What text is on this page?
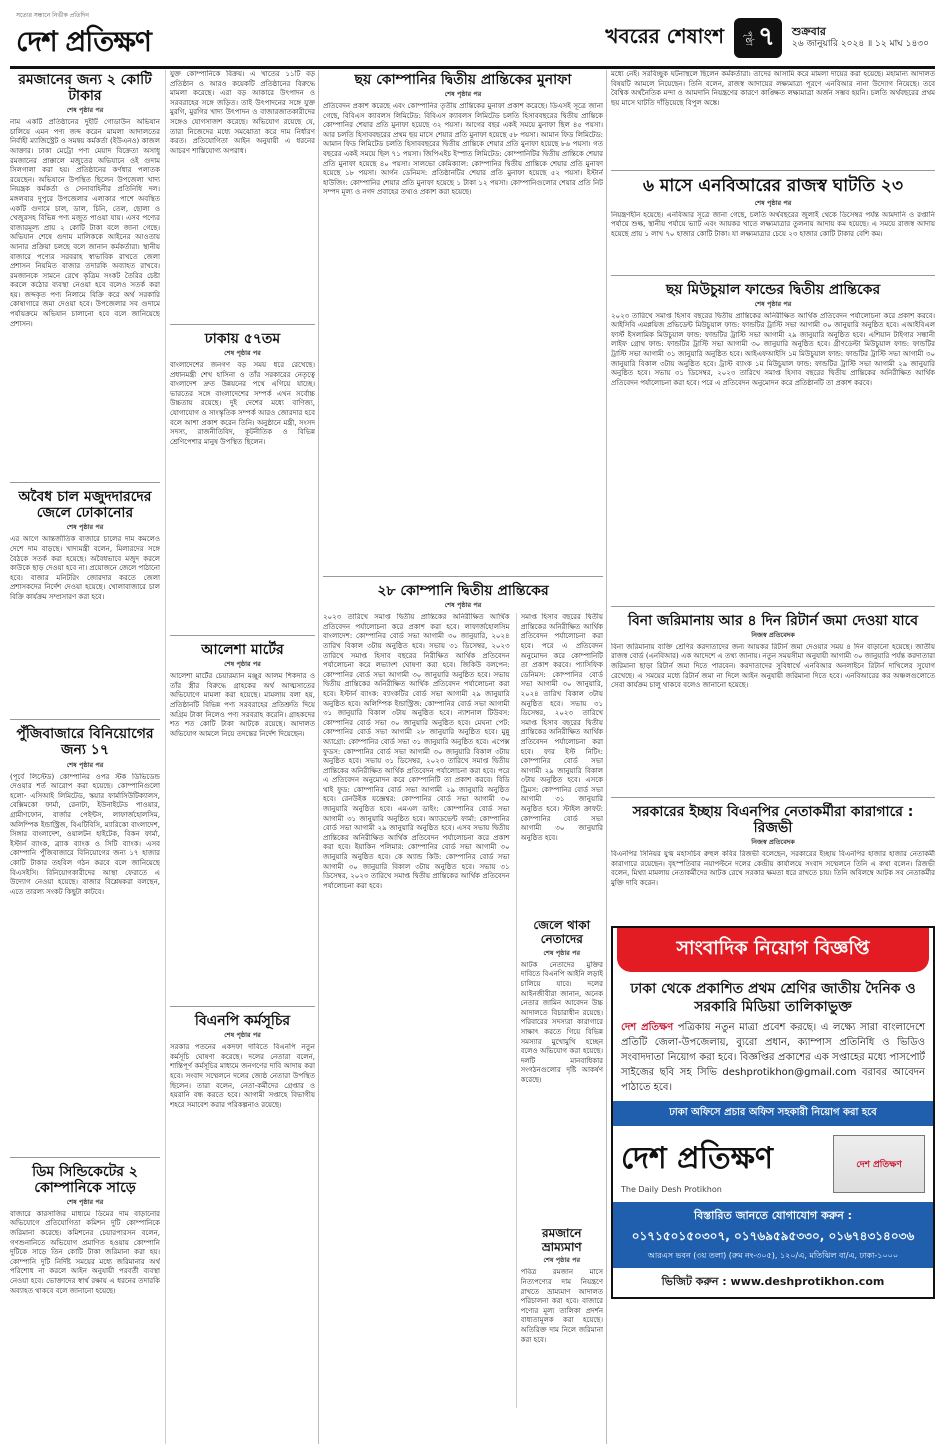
সত্যের সন্ধানে নির্ভীক প্রতিদিন
দেশ প্রতিক্ষণ	খবরের শেষাংশ পৃষ্ঠা ৭ শুক্রবার
২৬ জানুয়ারি ২০২৪ ॥ ১২ মাঘ ১৪৩০
রমজানের জন্য ২ কোটি টাকার
শেষ পৃষ্ঠার পর
নাম একটি প্রতিষ্ঠানের দুইটি গোডাউন অভিযান চালিয়ে এমন পণ্য জব্দ করেন মামলা আদালতের নির্বাহী ম্যাজিস্ট্রেট ও সমন্বয় কর্মকর্তা (ইউএনও) কাজল আক্তার। ঢাকা মেট্রো পণ্য মেয়াদ বিক্রেতা অসাধু রমজানের প্রাক্কালে মজুতের অভিযানে ওই গুদাম সিলগালা করা হয়। প্রতিষ্ঠানের কর্ণধার পলাতক রয়েছেন। অভিযানে উপস্থিত ছিলেন উপজেলা খাদ্য নিয়ন্ত্রক কর্মকর্তা ও সেনাবাহিনীর প্রতিনিধি দল। মঙ্গলবার দুপুরে উপজেলার এলাকার পাশে অবস্থিত একটি গুদামে চাল, ডাল, চিনি, তেল, ছোলা ও খেজুরসহ বিভিন্ন পণ্য মজুত পাওয়া যায়। এসব পণ্যের বাজারমূল্য প্রায় ২ কোটি টাকা বলে জানা গেছে। অভিযান শেষে গুদাম মালিককে আইনের আওতায় আনার প্রক্রিয়া চলছে বলে জানান কর্মকর্তারা। স্থানীয় বাজারে পণ্যের সরবরাহ স্বাভাবিক রাখতে জেলা প্রশাসন নিয়মিত বাজার তদারকি অব্যাহত রাখবে। রমজানকে সামনে রেখে কৃত্রিম সংকট তৈরির চেষ্টা করলে কঠোর ব্যবস্থা নেওয়া হবে বলেও সতর্ক করা হয়। জব্দকৃত পণ্য নিলামে বিক্রি করে অর্থ সরকারি কোষাগারে জমা দেওয়া হবে। উপজেলার সব গুদামে পর্যায়ক্রমে অভিযান চালানো হবে বলে জানিয়েছে প্রশাসন।
অবৈধ চাল মজুদদারদের জেলে ঢোকানোর
শেষ পৃষ্ঠার পর
এর আগে আন্তর্জাতিক বাজারে চালের দাম কমলেও দেশে দাম বাড়ছে। খাদ্যমন্ত্রী বলেন, মিলারদের সঙ্গে বৈঠকে সতর্ক করা হয়েছে। অবৈধভাবে মজুদ করলে কাউকে ছাড় দেওয়া হবে না। প্রয়োজনে জেলে পাঠানো হবে। বাজার মনিটরিং জোরদার করতে জেলা প্রশাসকদের নির্দেশ দেওয়া হয়েছে। খোলাবাজারে চাল বিক্রি কার্যক্রম সম্প্রসারণ করা হবে।
পুঁজিবাজারে বিনিয়োগের জন্য ১৭
শেষ পৃষ্ঠার পর
(পূর্বে লিস্টেড) কোম্পানির ওপর স্টক ডিভিডেন্ড দেওয়ার শর্ত আরোপ করা হয়েছে। কোম্পানিগুলো হলো- এসিআই লিমিটেড, স্কয়ার ফার্মাসিউটিক্যালস, বেক্সিমকো ফার্মা, রেনাটা, ইউনাইটেড পাওয়ার, গ্রামীণফোন, বার্জার পেইন্টস, লাফার্জহোলসিম, অলিম্পিক ইন্ডাস্ট্রিজ, বিএটিবিসি, ম্যারিকো বাংলাদেশ, সিঙ্গার বাংলাদেশ, ওয়ালটন হাইটেক, বিকন ফার্মা, ইস্টার্ন ব্যাংক, ব্র্যাক ব্যাংক ও সিটি ব্যাংক। এসব কোম্পানি পুঁজিবাজারে বিনিয়োগের জন্য ১৭ হাজার কোটি টাকার তহবিল গঠন করবে বলে জানিয়েছে বিএসইসি। বিনিয়োগকারীদের আস্থা ফেরাতে এ উদ্যোগ নেওয়া হয়েছে। বাজার বিশ্লেষকরা বলছেন, এতে তারল্য সংকট কিছুটা কাটবে।
ডিম সিন্ডিকেটের ২ কোম্পানিকে সাড়ে
শেষ পৃষ্ঠার পর
বাজারে কারসাজির মাধ্যমে ডিমের দাম বাড়ানোর অভিযোগে প্রতিযোগিতা কমিশন দুটি কোম্পানিকে জরিমানা করেছে। কমিশনের চেয়ারপারসন বলেন, গণশুনানিতে অভিযোগ প্রমাণিত হওয়ায় কোম্পানি দুটিকে সাড়ে তিন কোটি টাকা জরিমানা করা হয়। কোম্পানি দুটি নির্দিষ্ট সময়ের মধ্যে জরিমানার অর্থ পরিশোধ না করলে আইন অনুযায়ী পরবর্তী ব্যবস্থা নেওয়া হবে। ভোক্তাদের স্বার্থ রক্ষায় এ ধরনের তদারকি অব্যাহত থাকবে বলে জানানো হয়েছে।
যুক্ত কোম্পানিকে বিক্রয়। এ খাতের ১১টি বড় প্রতিষ্ঠান ও আরও কয়েকটি প্রতিষ্ঠানের বিরুদ্ধে মামলা করেছে। এরা বড় আকারে উৎপাদন ও সরবরাহের সঙ্গে জড়িত। তাই উৎপাদনের সঙ্গে যুক্ত মুরগি, মুরগির খাদ্য উৎপাদন ও বাজারজাতকারীদের সঙ্গেও যোগসাজশ করেছে। অভিযোগ রয়েছে যে, তারা নিজেদের মধ্যে সমঝোতা করে দাম নির্ধারণ করত। প্রতিযোগিতা আইন অনুযায়ী এ ধরনের আচরণ শাস্তিযোগ্য অপরাধ।
ঢাকায় ৫৭তম
শেষ পৃষ্ঠার পর
বাংলাদেশের জনগণ বড় সময় ধরে রেখেছে। প্রধানমন্ত্রী শেখ হাসিনা ও তাঁর সরকারের নেতৃত্বে বাংলাদেশ দ্রুত উন্নয়নের পথে এগিয়ে যাচ্ছে। ভারতের সঙ্গে বাংলাদেশের সম্পর্ক এখন সর্বোচ্চ উচ্চতায় রয়েছে। দুই দেশের মধ্যে বাণিজ্য, যোগাযোগ ও সাংস্কৃতিক সম্পর্ক আরও জোরদার হবে বলে আশা প্রকাশ করেন তিনি। অনুষ্ঠানে মন্ত্রী, সংসদ সদস্য, রাজনীতিবিদ, কূটনীতিক ও বিভিন্ন শ্রেণিপেশার মানুষ উপস্থিত ছিলেন।
আলেশা মার্টের
শেষ পৃষ্ঠার পর
আলেশা মার্টের চেয়ারম্যান মঞ্জুর আলম শিকদার ও তাঁর স্ত্রীর বিরুদ্ধে গ্রাহকের অর্থ আত্মসাতের অভিযোগে মামলা করা হয়েছে। মামলায় বলা হয়, প্রতিষ্ঠানটি বিভিন্ন পণ্য সরবরাহের প্রতিশ্রুতি দিয়ে অগ্রিম টাকা নিলেও পণ্য সরবরাহ করেনি। গ্রাহকদের শত শত কোটি টাকা আটকে রয়েছে। আদালত অভিযোগ আমলে নিয়ে তদন্তের নির্দেশ দিয়েছেন।
বিএনপি কর্মসূচির
শেষ পৃষ্ঠার পর
সরকার পতনের একদফা দাবিতে বিএনপি নতুন কর্মসূচি ঘোষণা করেছে। দলের নেতারা বলেন, শান্তিপূর্ণ কর্মসূচির মাধ্যমে জনগণের দাবি আদায় করা হবে। সংবাদ সম্মেলনে দলের জ্যেষ্ঠ নেতারা উপস্থিত ছিলেন। তারা বলেন, নেতা-কর্মীদের গ্রেপ্তার ও হয়রানি বন্ধ করতে হবে। আগামী সপ্তাহে বিভাগীয় শহরে সমাবেশ করার পরিকল্পনাও রয়েছে।
ছয় কোম্পানির দ্বিতীয় প্রান্তিকের মুনাফা
শেষ পৃষ্ঠার পর
প্রতিবেদন প্রকাশ করেছে এবং কোম্পানির তৃতীয় প্রান্তিকের মুনাফা প্রকাশ করেছে। ডিএসই সূত্রে জানা গেছে, বিবিএস ক্যাবলস লিমিটেড: বিবিএস ক্যাবলস লিমিটেড চলতি হিসাববছরের দ্বিতীয় প্রান্তিকে কোম্পানির শেয়ার প্রতি মুনাফা হয়েছে ৩২ পয়সা। আগের বছর একই সময়ে মুনাফা ছিল ৪৫ পয়সা। আর চলতি হিসাববছরের প্রথম ছয় মাসে শেয়ার প্রতি মুনাফা হয়েছে ৫৮ পয়সা। আমান ফিড লিমিটেড: আমান ফিড লিমিটেড চলতি হিসাববছরের দ্বিতীয় প্রান্তিকে শেয়ার প্রতি মুনাফা হয়েছে ৮৬ পয়সা। গত বছরের একই সময়ে ছিল ৭১ পয়সা। জিপিএইচ ইস্পাত লিমিটেড: কোম্পানিটির দ্বিতীয় প্রান্তিকে শেয়ার প্রতি মুনাফা হয়েছে ৪০ পয়সা। সালভো কেমিক্যাল: কোম্পানির দ্বিতীয় প্রান্তিকে শেয়ার প্রতি মুনাফা হয়েছে ১৮ পয়সা। আর্গন ডেনিমস: প্রতিষ্ঠানটির শেয়ার প্রতি মুনাফা হয়েছে ৫২ পয়সা। ইস্টার্ন হাউজিং: কোম্পানির শেয়ার প্রতি মুনাফা হয়েছে ১ টাকা ১২ পয়সা। কোম্পানিগুলোর শেয়ার প্রতি নিট সম্পদ মূল্য ও নগদ প্রবাহের তথ্যও প্রকাশ করা হয়েছে।
২৮ কোম্পানি দ্বিতীয় প্রান্তিকের
শেষ পৃষ্ঠার পর
২০২৩ তারিখে সমাপ্ত দ্বিতীয় প্রান্তিকের অনিরীক্ষিত আর্থিক প্রতিবেদন পর্যালোচনা করে প্রকাশ করা হবে। লাফার্জহোলসিম বাংলাদেশ: কোম্পানির বোর্ড সভা আগামী ৩০ জানুয়ারি, ২০২৪ তারিখ বিকাল ৩টায় অনুষ্ঠিত হবে। সভায় ৩১ ডিসেম্বর, ২০২৩ তারিখে সমাপ্ত হিসাব বছরের নিরীক্ষিত আর্থিক প্রতিবেদন পর্যালোচনা করে লভ্যাংশ ঘোষণা করা হবে। জিকিউ বলপেন: কোম্পানির বোর্ড সভা আগামী ৩০ জানুয়ারি অনুষ্ঠিত হবে। সভায় দ্বিতীয় প্রান্তিকের অনিরীক্ষিত আর্থিক প্রতিবেদন পর্যালোচনা করা হবে। ইস্টার্ন ব্যাংক: ব্যাংকটির বোর্ড সভা আগামী ২৯ জানুয়ারি অনুষ্ঠিত হবে। অলিম্পিক ইন্ডাস্ট্রিজ: কোম্পানির বোর্ড সভা আগামী ৩১ জানুয়ারি বিকাল ৩টায় অনুষ্ঠিত হবে। ন্যাশনাল টিউবস: কোম্পানির বোর্ড সভা ৩০ জানুয়ারি অনুষ্ঠিত হবে। মেঘনা পেট: কোম্পানির বোর্ড সভা আগামী ২৮ জানুয়ারি অনুষ্ঠিত হবে। মুন্নু অ্যাগ্রো: কোম্পানির বোর্ড সভা ৩১ জানুয়ারি অনুষ্ঠিত হবে। এপেক্স ফুডস: কোম্পানির বোর্ড সভা আগামী ৩০ জানুয়ারি বিকাল ৩টায় অনুষ্ঠিত হবে। সভায় ৩১ ডিসেম্বর, ২০২৩ তারিখে সমাপ্ত দ্বিতীয় প্রান্তিকের অনিরীক্ষিত আর্থিক প্রতিবেদন পর্যালোচনা করা হবে। পরে এ প্রতিবেদন অনুমোদন করে কোম্পানিটি তা প্রকাশ করবে। বিডি থাই ফুড: কোম্পানির বোর্ড সভা আগামী ২৯ জানুয়ারি অনুষ্ঠিত হবে। রেনউইক যজ্ঞেশ্বর: কোম্পানির বোর্ড সভা আগামী ৩০ জানুয়ারি অনুষ্ঠিত হবে। এমএল ডাইং: কোম্পানির বোর্ড সভা আগামী ৩১ জানুয়ারি অনুষ্ঠিত হবে। অ্যাডভেন্ট ফার্মা: কোম্পানির বোর্ড সভা আগামী ২৯ জানুয়ারি অনুষ্ঠিত হবে। এসব সভায় দ্বিতীয় প্রান্তিকের অনিরীক্ষিত আর্থিক প্রতিবেদন পর্যালোচনা করে প্রকাশ করা হবে। ইয়াকিন পলিমার: কোম্পানির বোর্ড সভা আগামী ৩০ জানুয়ারি অনুষ্ঠিত হবে। কে অ্যান্ড কিউ: কোম্পানির বোর্ড সভা আগামী ৩০ জানুয়ারি বিকাল ৩টায় অনুষ্ঠিত হবে। সভায় ৩১ ডিসেম্বর, ২০২৩ তারিখে সমাপ্ত দ্বিতীয় প্রান্তিকের আর্থিক প্রতিবেদন পর্যালোচনা করা হবে।
সমাপ্ত হিসাব বছরের দ্বিতীয় প্রান্তিকের অনিরীক্ষিত আর্থিক প্রতিবেদন পর্যালোচনা করা হবে। পরে এ প্রতিবেদন অনুমোদন করে কোম্পানিটি তা প্রকাশ করবে। প্যাসিফিক ডেনিমস: কোম্পানির বোর্ড সভা আগামী ৩০ জানুয়ারি, ২০২৪ তারিখ বিকাল ৩টায় অনুষ্ঠিত হবে। সভায় ৩১ ডিসেম্বর, ২০২৩ তারিখে সমাপ্ত হিসাব বছরের দ্বিতীয় প্রান্তিকের অনিরীক্ষিত আর্থিক প্রতিবেদন পর্যালোচনা করা হবে। ফার ইস্ট নিটিং: কোম্পানির বোর্ড সভা আগামী ২৯ জানুয়ারি বিকাল ৩টায় অনুষ্ঠিত হবে। এসকে ট্রিমস: কোম্পানির বোর্ড সভা আগামী ৩১ জানুয়ারি অনুষ্ঠিত হবে। স্টাইল ক্রাফট: কোম্পানির বোর্ড সভা আগামী ৩০ জানুয়ারি অনুষ্ঠিত হবে।
জেলে থাকা নেতাদের
শেষ পৃষ্ঠার পর
আটক নেতাদের মুক্তির দাবিতে বিএনপি আইনি লড়াই চালিয়ে যাবে। দলের আইনজীবীরা জানান, অনেক নেতার জামিন আবেদন উচ্চ আদালতে বিচারাধীন রয়েছে। পরিবারের সদস্যরা কারাগারে সাক্ষাৎ করতে গিয়ে বিভিন্ন সমস্যার মুখোমুখি হচ্ছেন বলেও অভিযোগ করা হয়েছে। দলটি মানবাধিকার সংগঠনগুলোর দৃষ্টি আকর্ষণ করেছে।
রমজানে ভ্রাম্যমাণ
শেষ পৃষ্ঠার পর
পবিত্র রমজান মাসে নিত্যপণ্যের দাম নিয়ন্ত্রণে রাখতে ভ্রাম্যমাণ আদালত পরিচালনা করা হবে। বাজারে পণ্যের মূল্য তালিকা প্রদর্শন বাধ্যতামূলক করা হয়েছে। অতিরিক্ত দাম নিলে জরিমানা করা হবে।
মধ্যে নেই। সরবিচ্ছুক ঘটনাস্থলে ছিলেন কর্মকর্তারা। তাদের আসামি করে মামলা দায়ের করা হয়েছে। মহামান্য আদালত বিষয়টি আমলে নিয়েছেন। তিনি বলেন, রাজস্ব আদায়ের লক্ষ্যমাত্রা পূরণে এনবিআর নানা উদ্যোগ নিয়েছে। তবে বৈশ্বিক অর্থনৈতিক মন্দা ও আমদানি নিয়ন্ত্রণের কারণে কাঙ্ক্ষিত লক্ষ্যমাত্রা অর্জন সম্ভব হয়নি। চলতি অর্থবছরের প্রথম ছয় মাসে ঘাটতি দাঁড়িয়েছে বিপুল অঙ্কে।
৬ মাসে এনবিআরের রাজস্ব ঘাটতি ২৩
শেষ পৃষ্ঠার পর
নিয়ন্ত্রণহীন হয়েছে। এনবিআর সূত্রে জানা গেছে, চলতি অর্থবছরের জুলাই থেকে ডিসেম্বর পর্যন্ত আমদানি ও রপ্তানি পর্যায়ে শুল্ক, স্থানীয় পর্যায়ে ভ্যাট এবং আয়কর খাতে লক্ষ্যমাত্রার তুলনায় আদায় কম হয়েছে। এ সময়ে রাজস্ব আদায় হয়েছে প্রায় ১ লাখ ৭০ হাজার কোটি টাকা। যা লক্ষ্যমাত্রার চেয়ে ২৩ হাজার কোটি টাকার বেশি কম।
ছয় মিউচুয়াল ফান্ডের দ্বিতীয় প্রান্তিকের
শেষ পৃষ্ঠার পর
২০২৩ তারিখে সমাপ্ত হিসাব বছরের দ্বিতীয় প্রান্তিকের অনিরীক্ষিত আর্থিক প্রতিবেদন পর্যালোচনা করে প্রকাশ করবে। আইসিবি এমপ্লয়িজ প্রভিডেন্ট মিউচুয়াল ফান্ড: ফান্ডটির ট্রাস্টি সভা আগামী ৩০ জানুয়ারি অনুষ্ঠিত হবে। এআইবিএল ফার্স্ট ইসলামিক মিউচুয়াল ফান্ড: ফান্ডটির ট্রাস্টি সভা আগামী ২৯ জানুয়ারি অনুষ্ঠিত হবে। এশিয়ান টাইগার সন্ধানী লাইফ গ্রোথ ফান্ড: ফান্ডটির ট্রাস্টি সভা আগামী ৩০ জানুয়ারি অনুষ্ঠিত হবে। গ্রীণডেল্টা মিউচুয়াল ফান্ড: ফান্ডটির ট্রাস্টি সভা আগামী ৩১ জানুয়ারি অনুষ্ঠিত হবে। আইএফআইসি ১ম মিউচুয়াল ফান্ড: ফান্ডটির ট্রাস্টি সভা আগামী ৩০ জানুয়ারি বিকাল ৩টায় অনুষ্ঠিত হবে। ট্রাস্ট ব্যাংক ১ম মিউচুয়াল ফান্ড: ফান্ডটির ট্রাস্টি সভা আগামী ২৯ জানুয়ারি অনুষ্ঠিত হবে। সভায় ৩১ ডিসেম্বর, ২০২৩ তারিখে সমাপ্ত হিসাব বছরের দ্বিতীয় প্রান্তিকের অনিরীক্ষিত আর্থিক প্রতিবেদন পর্যালোচনা করা হবে। পরে এ প্রতিবেদন অনুমোদন করে প্রতিষ্ঠানটি তা প্রকাশ করবে।
বিনা জরিমানায় আর ৪ দিন রিটার্ন জমা দেওয়া যাবে
নিজস্ব প্রতিবেদক
বিনা জরিমানায় ব্যক্তি শ্রেণির করদাতাদের জন্য আয়কর রিটার্ন জমা দেওয়ার সময় ৪ দিন বাড়ানো হয়েছে। জাতীয় রাজস্ব বোর্ড (এনবিআর) এক আদেশে এ তথ্য জানায়। নতুন সময়সীমা অনুযায়ী আগামী ৩০ জানুয়ারি পর্যন্ত করদাতারা জরিমানা ছাড়া রিটার্ন জমা দিতে পারবেন। করদাতাদের সুবিধার্থে এনবিআর অনলাইনে রিটার্ন দাখিলের সুযোগ রেখেছে। এ সময়ের মধ্যে রিটার্ন জমা না দিলে আইন অনুযায়ী জরিমানা দিতে হবে। এনবিআরের কর অঞ্চলগুলোতে সেবা কার্যক্রম চালু থাকবে বলেও জানানো হয়েছে।
সরকারের ইচ্ছায় বিএনপির নেতাকর্মীরা কারাগারে : রিজভী
নিজস্ব প্রতিবেদক
বিএনপির সিনিয়র যুগ্ম মহাসচিব রুহুল কবির রিজভী বলেছেন, সরকারের ইচ্ছায় বিএনপির হাজার হাজার নেতাকর্মী কারাগারে রয়েছেন। বৃহস্পতিবার নয়াপল্টনে দলের কেন্দ্রীয় কার্যালয়ে সংবাদ সম্মেলনে তিনি এ কথা বলেন। রিজভী বলেন, মিথ্যা মামলায় নেতাকর্মীদের আটক রেখে সরকার ক্ষমতা ধরে রাখতে চায়। তিনি অবিলম্বে আটক সব নেতাকর্মীর মুক্তি দাবি করেন।
সাংবাদিক নিয়োগ বিজ্ঞপ্তি
ঢাকা থেকে প্রকাশিত প্রথম শ্রেণির জাতীয় দৈনিক ও সরকারি মিডিয়া তালিকাভুক্ত
দেশ প্রতিক্ষণ পত্রিকায় নতুন মাত্রা প্রবেশ করছে। এ লক্ষ্যে সারা বাংলাদেশে প্রতিটি জেলা-উপজেলায়, ব্যুরো প্রধান, ক্যাম্পাস প্রতিনিধি ও ভিডিও সংবাদদাতা নিয়োগ করা হবে। বিজ্ঞপ্তির প্রকাশের এক সপ্তাহের মধ্যে পাসপোর্ট সাইজের ছবি সহ সিভি deshprotikhon@gmail.com বরাবর আবেদন পাঠাতে হবে।
ঢাকা অফিসে প্রচার অফিস সহকারী নিয়োগ করা হবে
দেশ প্রতিক্ষণ
The Daily Desh Protikhon
দেশ প্রতিক্ষণ
বিস্তারিত জানতে যোগাযোগ করুন :
০১৭১৫০১৫০৩০৭, ০১৭৬৯৫৯৫৩৩০, ০১৬৭৪৩১৪০৩৬
আরএস ভবন (৩য় তলা) (রুম নং-৩০৫), ১২০/এ, মতিঝিল বা/এ, ঢাকা-১০০০
ভিজিট করুন : www.deshprotikhon.com
